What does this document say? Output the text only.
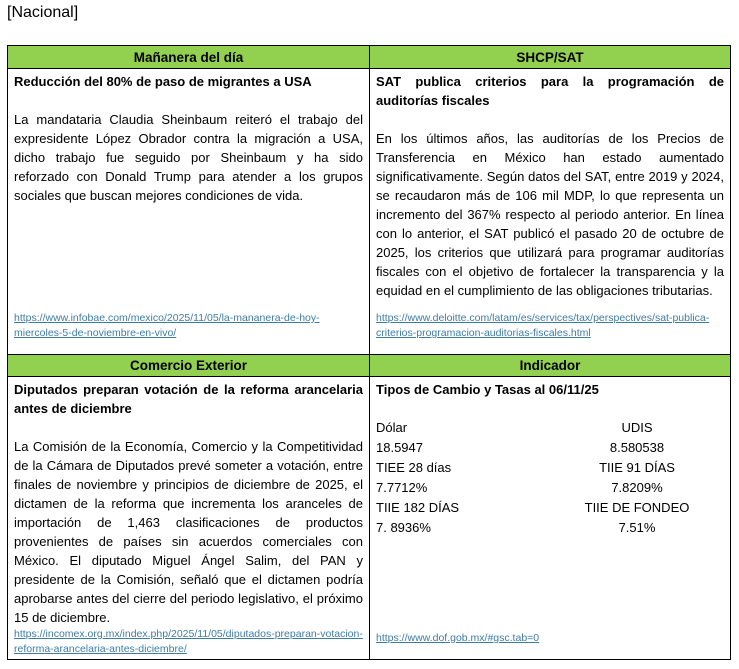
[Nacional]
Mañanera del día	SHCP/SAT
Reducción del 80% de paso de migrantes a USA
La mandataria Claudia Sheinbaum reiteró el trabajo del expresidente López Obrador contra la migración a USA, dicho trabajo fue seguido por Sheinbaum y ha sido reforzado con Donald Trump para atender a los grupos sociales que buscan mejores condiciones de vida.
https://www.infobae.com/mexico/2025/11/05/la-mananera-de-hoy-miercoles-5-de-noviembre-en-vivo/
SAT publica criterios para la programación de auditorías fiscales
En los últimos años, las auditorías de los Precios de Transferencia en México han estado aumentado significativamente. Según datos del SAT, entre 2019 y 2024, se recaudaron más de 106 mil MDP, lo que representa un incremento del 367% respecto al periodo anterior. En línea con lo anterior, el SAT publicó el pasado 20 de octubre de 2025, los criterios que utilizará para programar auditorías fiscales con el objetivo de fortalecer la transparencia y la equidad en el cumplimiento de las obligaciones tributarias.
https://www.deloitte.com/latam/es/services/tax/perspectives/sat-publica-criterios-programacion-auditorias-fiscales.html
Comercio Exterior	Indicador
Diputados preparan votación de la reforma arancelaria antes de diciembre
La Comisión de la Economía, Comercio y la Competitividad de la Cámara de Diputados prevé someter a votación, entre finales de noviembre y principios de diciembre de 2025, el dictamen de la reforma que incrementa los aranceles de importación de 1,463 clasificaciones de productos provenientes de países sin acuerdos comerciales con México. El diputado Miguel Ángel Salim, del PAN y presidente de la Comisión, señaló que el dictamen podría aprobarse antes del cierre del periodo legislativo, el próximo 15 de diciembre.
https://incomex.org.mx/index.php/2025/11/05/diputados-preparan-votacion-reforma-arancelaria-antes-diciembre/
Tipos de Cambio y Tasas al 06/11/25
Dólar	UDIS
18.5947	8.580538
TIEE 28 días	TIIE 91 DÍAS
7.7712%	7.8209%
TIIE 182 DÍAS	TIIE DE FONDEO
7. 8936%	7.51%
https://www.dof.gob.mx/#gsc.tab=0
